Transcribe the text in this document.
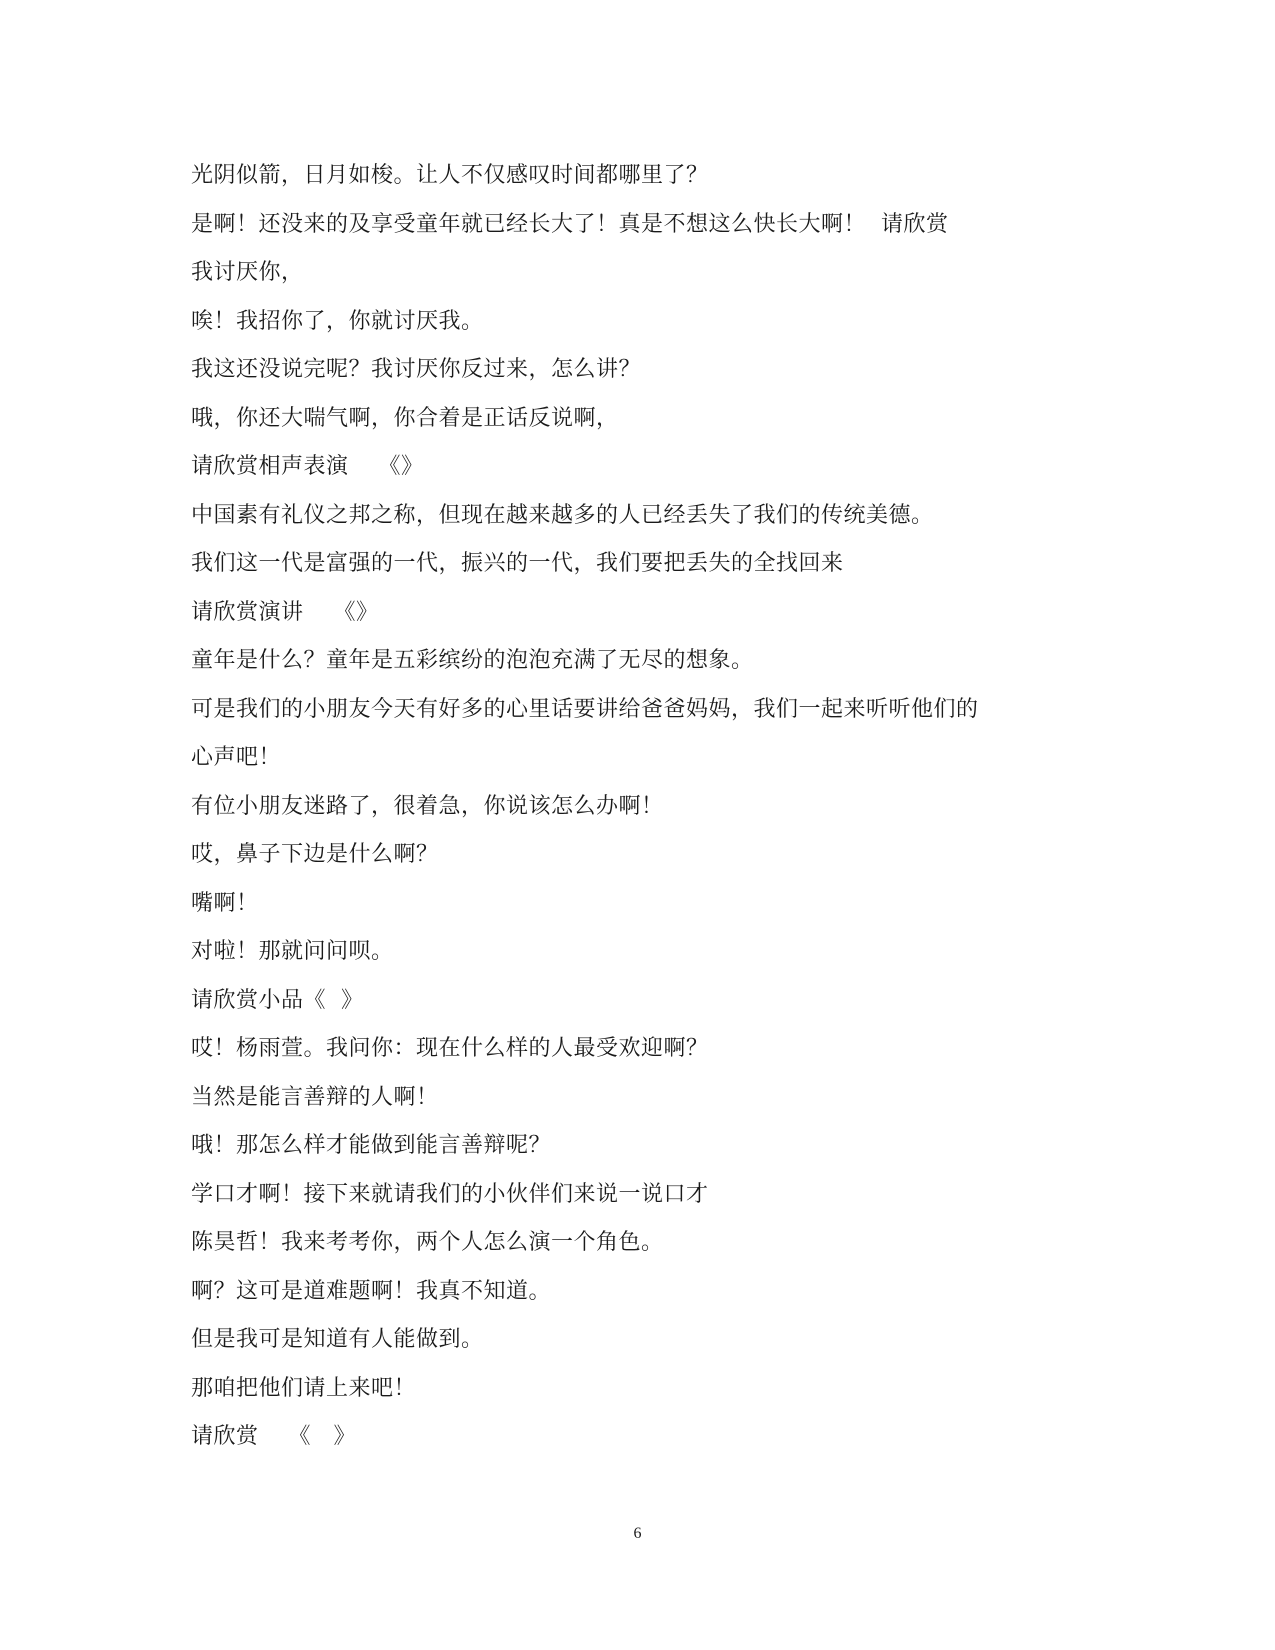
光阴似箭，日月如梭。让人不仅感叹时间都哪里了？
是啊！还没来的及享受童年就已经长大了！真是不想这么快长大啊！  请欣赏
我讨厌你，
唉！我招你了，你就讨厌我。
我这还没说完呢？我讨厌你反过来，怎么讲？
哦，你还大喘气啊，你合着是正话反说啊，
请欣赏相声表演    《》
中国素有礼仪之邦之称，但现在越来越多的人已经丢失了我们的传统美德。
我们这一代是富强的一代，振兴的一代，我们要把丢失的全找回来
请欣赏演讲    《》
童年是什么？童年是五彩缤纷的泡泡充满了无尽的想象。
可是我们的小朋友今天有好多的心里话要讲给爸爸妈妈，我们一起来听听他们的
心声吧！
有位小朋友迷路了，很着急，你说该怎么办啊！
哎，鼻子下边是什么啊？
嘴啊！
对啦！那就问问呗。
请欣赏小品《  》
哎！杨雨萱。我问你：现在什么样的人最受欢迎啊？
当然是能言善辩的人啊！
哦！那怎么样才能做到能言善辩呢？
学口才啊！接下来就请我们的小伙伴们来说一说口才
陈昊哲！我来考考你，两个人怎么演一个角色。
啊？这可是道难题啊！我真不知道。
但是我可是知道有人能做到。
那咱把他们请上来吧！
请欣赏    《   》
6
